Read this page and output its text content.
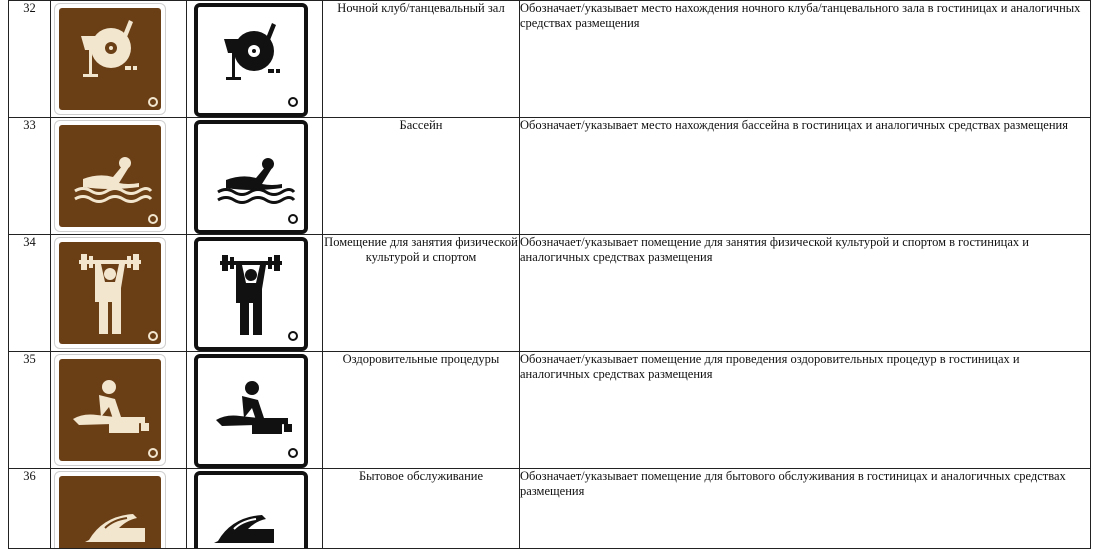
32			Ночной клуб/танцевальный зал	Обозначает/указывает место нахождения ночного клуба/танцевального зала в гостиницах и аналогичных средствах размещения
33			Бассейн	Обозначает/указывает место нахождения бассейна в гостиницах и аналогичных средствах размещения
34			Помещение для занятия физической культурой и спортом	Обозначает/указывает помещение для занятия физической культурой и спортом в гостиницах и аналогичных средствах размещения
35			Оздоровительные процедуры	Обозначает/указывает помещение для проведения оздоровительных процедур в гостиницах и аналогичных средствах размещения
36			Бытовое обслуживание	Обозначает/указывает помещение для бытового обслуживания в гостиницах и аналогичных средствах размещения
